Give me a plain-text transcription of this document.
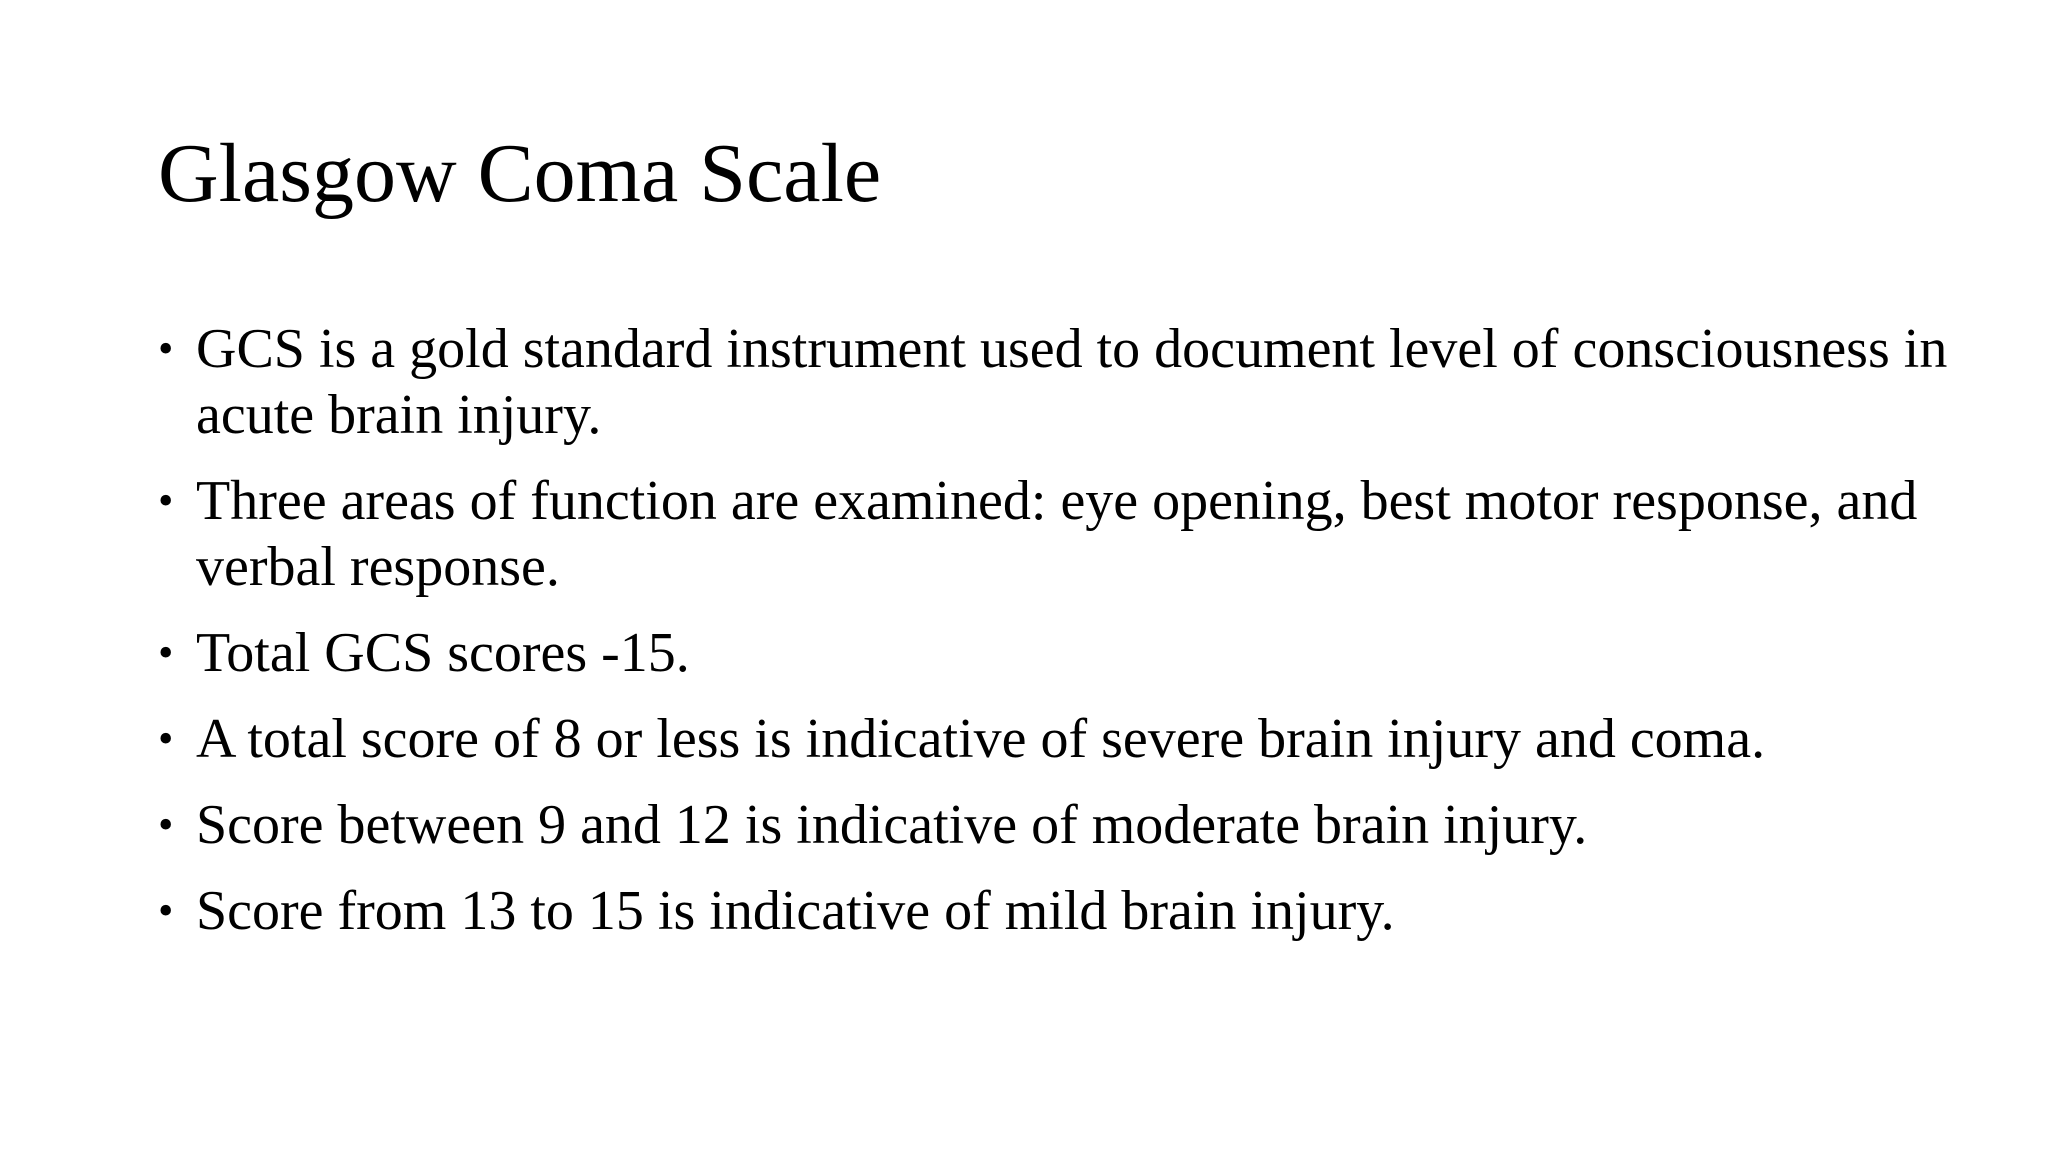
Glasgow Coma Scale
• GCS is a gold standard instrument used to document level of consciousness in acute brain injury.
• Three areas of function are examined: eye opening, best motor response, and verbal response.
• Total GCS scores -15.
• A total score of 8 or less is indicative of severe brain injury and coma.
• Score between 9 and 12 is indicative of moderate brain injury.
• Score from 13 to 15 is indicative of mild brain injury.
